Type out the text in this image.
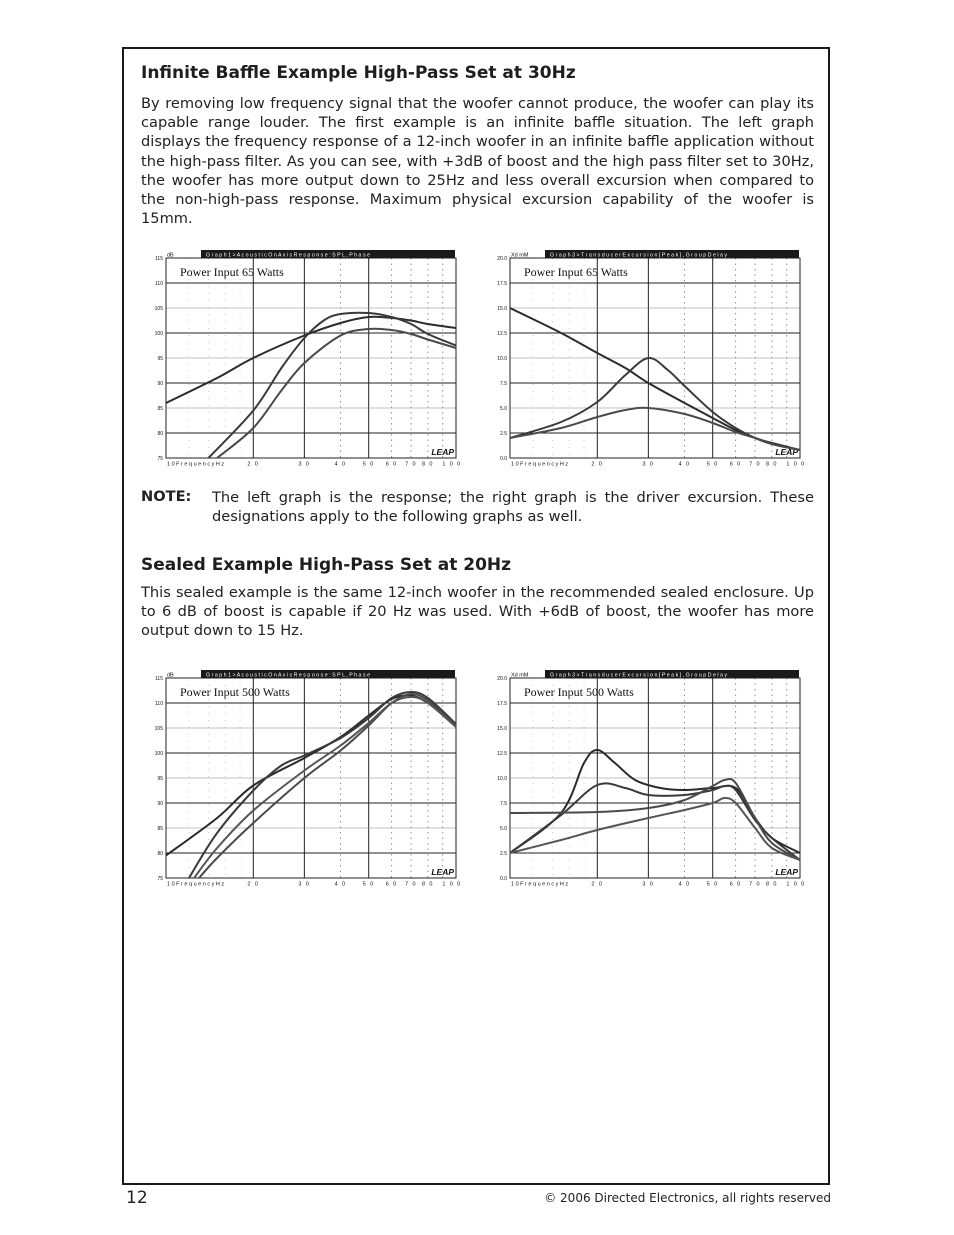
Infinite Baffle Example High-Pass Set at 30Hz

By removing low frequency signal that the woofer cannot produce, the woofer can play its capable range louder. The first example is an infinite baffle situation. The left graph displays the frequency response of a 12-inch woofer in an infinite baffle application without the high-pass filter. As you can see, with +3dB of boost and the high pass filter set to 30Hz, the woofer has more output down to 25Hz and less overall excursion when compared to the non-high-pass response. Maximum physical excursion capability of the woofer is 15mm.

G r a p h 1 > A c o u s t i c O n A x i s R e s p o n s e : S P L , P h a s e
dB
115
110
105
100
95
90
85
80
75
1 0 F r e q u e n c y H z	2 0	3 0	4 0	5 0 6 0 7 0 8 0 1 0 0
Power Input 65 Watts
LEAP
G r a p h 3 > T r a n s d u c e r E x c u r s i o n [ P e a k ] , G r o u p D e l a y
Xd mM
20.0
17.5
15.0
12.5
10.0
7.5
5.0
2.5
0.0
1 0 F r e q u e n c y H z	2 0	3 0	4 0	5 0 6 0 7 0 8 0 1 0 0
Power Input 65 Watts
LEAP
NOTE: The left graph is the response; the right graph is the driver excursion. These designations apply to the following graphs as well.

Sealed Example High-Pass Set at 20Hz

This sealed example is the same 12-inch woofer in the recommended sealed enclosure. Up to 6 dB of boost is capable if 20 Hz was used. With +6dB of boost, the woofer has more output down to 15 Hz.

G r a p h 1 > A c o u s t i c O n A x i s R e s p o n s e : S P L , P h a s e
dB
115
110
105
100
95
90
85
80
75
1 0 F r e q u e n c y H z	2 0	3 0	4 0	5 0 6 0 7 0 8 0 1 0 0
Power Input 500 Watts
LEAP
G r a p h 3 > T r a n s d u c e r E x c u r s i o n [ P e a k ] , G r o u p D e l a y
Xd mM
20.0
17.5
15.0
12.5
10.0
7.5
5.0
2.5
0.0
1 0 F r e q u e n c y H z	2 0	3 0	4 0	5 0 6 0 7 0 8 0 1 0 0
Power Input 500 Watts
LEAP
12	© 2006 Directed Electronics, all rights reserved
